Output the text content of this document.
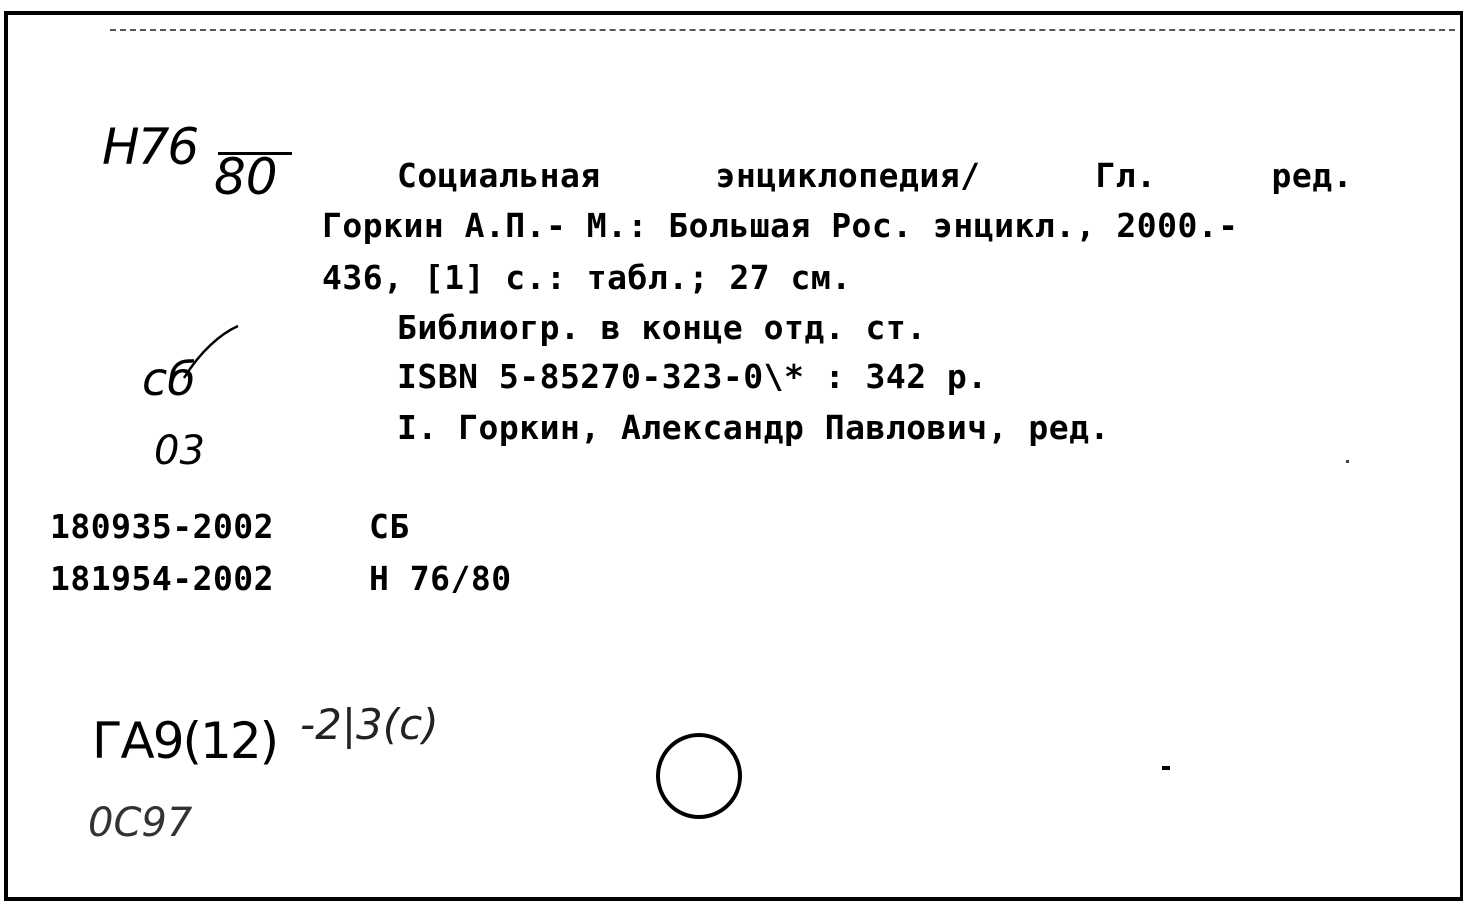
Н76
80	Социальная	энциклопедия/	Гл.	ред.
Горкин А.П.- М.: Большая Рос. энцикл., 2000.-
436, [1] с.: табл.; 27 см.
Библиогр. в конце отд. ст.
ISBN 5-85270-323-0\* : 342 р.
I. Горкин, Александр Павлович, ред.
сб
03
180935-2002	СБ
181954-2002	Н 76/80
ГА9(12) -2|3(с)
0С97
